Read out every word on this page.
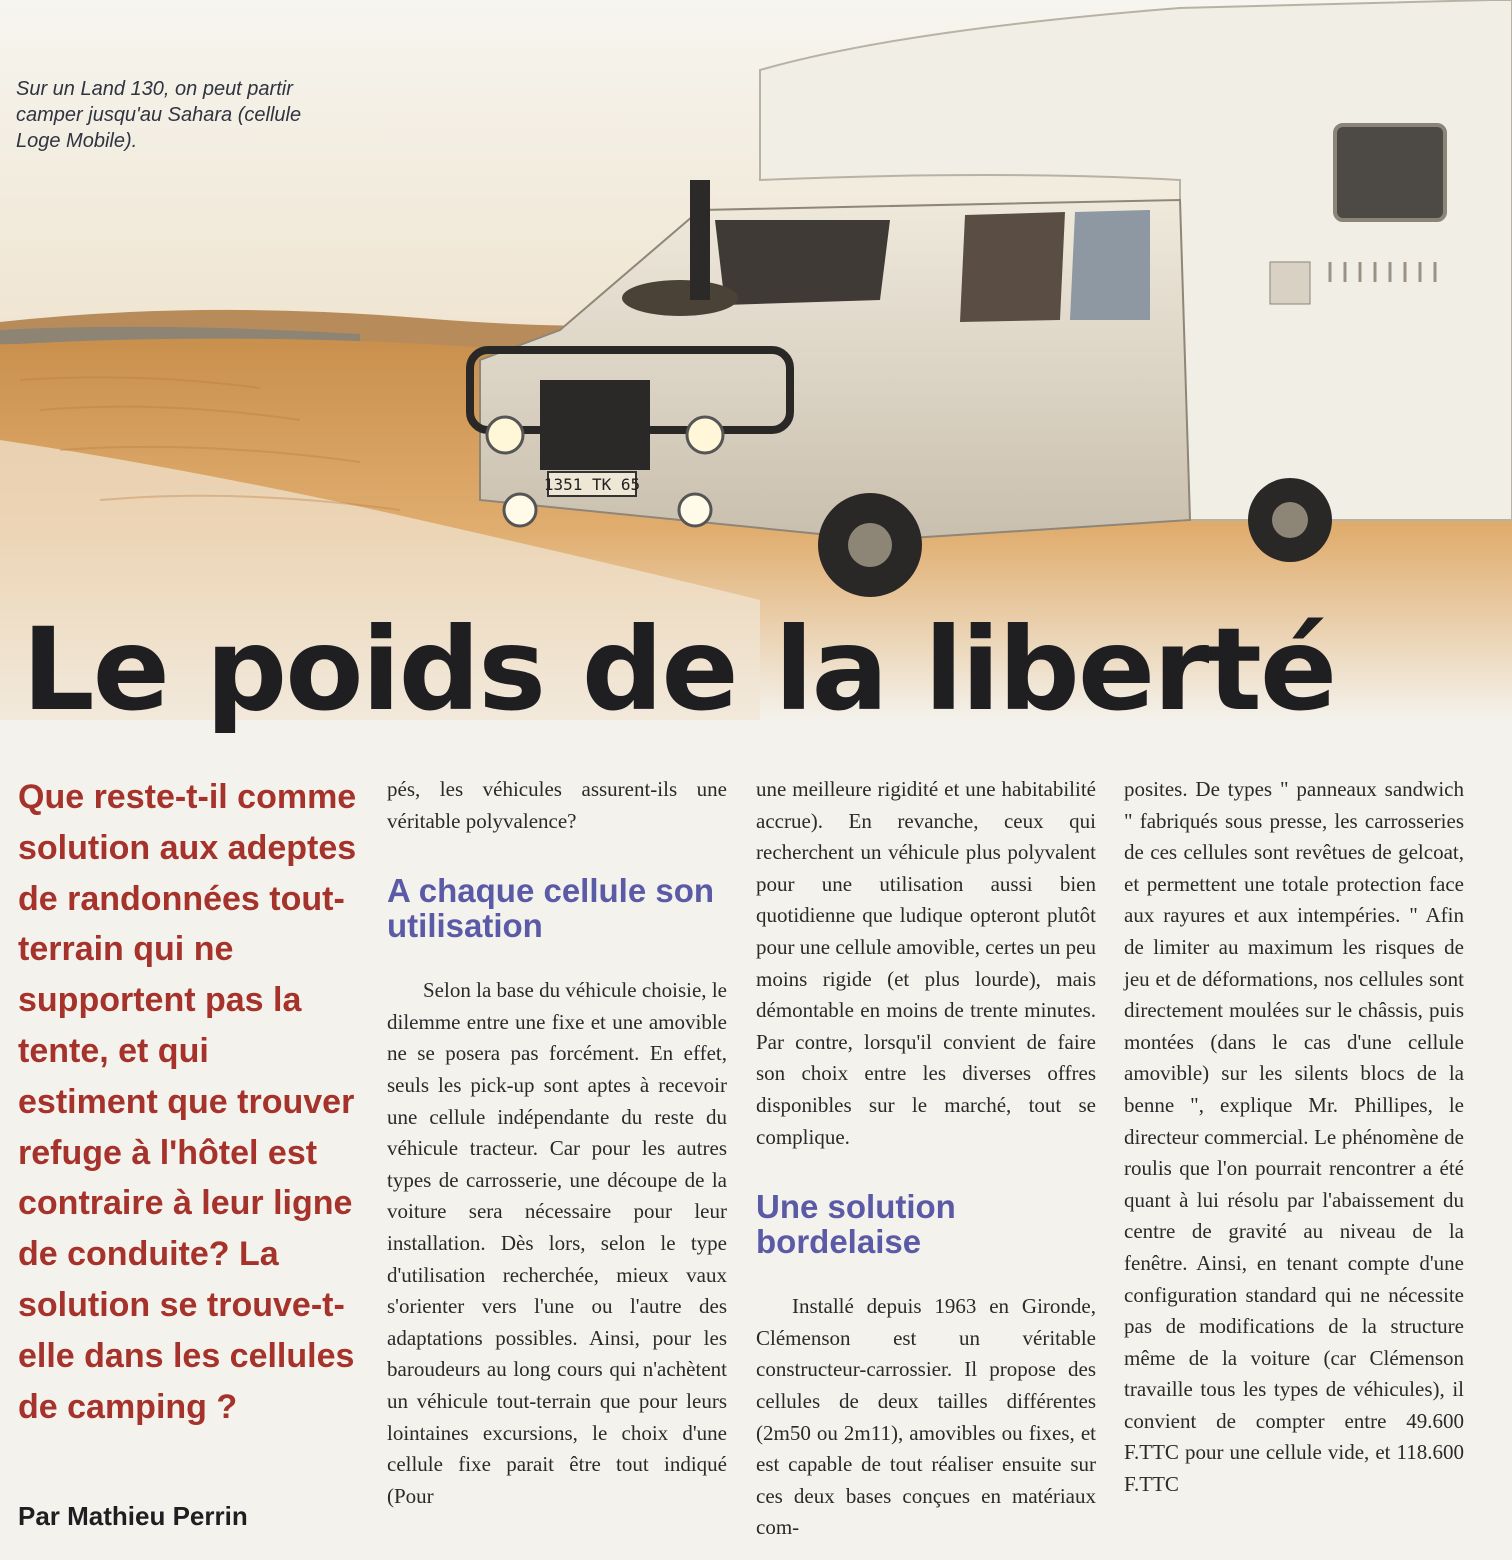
1351 TK 65
Sur un Land 130, on peut partir camper jusqu'au Sahara (cellule Loge Mobile).
Le poids de la liberté
Que reste-t-il comme solution aux adeptes de randonnées tout-terrain qui ne supportent pas la tente, et qui estiment que trouver refuge à l'hôtel est contraire à leur ligne de conduite? La solution se trouve-t-elle dans les cellules de camping ?
Par Mathieu Perrin

pés, les véhicules assurent-ils une véritable polyvalence?

A chaque cellule son utilisation

Selon la base du véhicule choisie, le dilemme entre une fixe et une amovible ne se posera pas forcément. En effet, seuls les pick-up sont aptes à recevoir une cellule indépendante du reste du véhicule tracteur. Car pour les autres types de carrosserie, une découpe de la voiture sera nécessaire pour leur installation. Dès lors, selon le type d'utilisation recherchée, mieux vaux s'orienter vers l'une ou l'autre des adaptations possibles. Ainsi, pour les baroudeurs au long cours qui n'achètent un véhicule tout-terrain que pour leurs lointaines excursions, le choix d'une cellule fixe parait être tout indiqué (Pour

une meilleure rigidité et une habitabilité accrue). En revanche, ceux qui recherchent un véhicule plus polyvalent pour une utilisation aussi bien quotidienne que ludique opteront plutôt pour une cellule amovible, certes un peu moins rigide (et plus lourde), mais démontable en moins de trente minutes. Par contre, lorsqu'il convient de faire son choix entre les diverses offres disponibles sur le marché, tout se complique.

Une solution bordelaise

Installé depuis 1963 en Gironde, Clémenson est un véritable constructeur-carrossier. Il propose des cellules de deux tailles différentes (2m50 ou 2m11), amovibles ou fixes, et est capable de tout réaliser ensuite sur ces deux bases conçues en matériaux com-

posites. De types " panneaux sandwich " fabriqués sous presse, les carrosseries de ces cellules sont revêtues de gelcoat, et permettent une totale protection face aux rayures et aux intempéries. " Afin de limiter au maximum les risques de jeu et de déformations, nos cellules sont directement moulées sur le châssis, puis montées (dans le cas d'une cellule amovible) sur les silents blocs de la benne ", explique Mr. Phillipes, le directeur commercial. Le phénomène de roulis que l'on pourrait rencontrer a été quant à lui résolu par l'abaissement du centre de gravité au niveau de la fenêtre. Ainsi, en tenant compte d'une configuration standard qui ne nécessite pas de modifications de la structure même de la voiture (car Clémenson travaille tous les types de véhicules), il convient de compter entre 49.600 F.TTC pour une cellule vide, et 118.600 F.TTC
